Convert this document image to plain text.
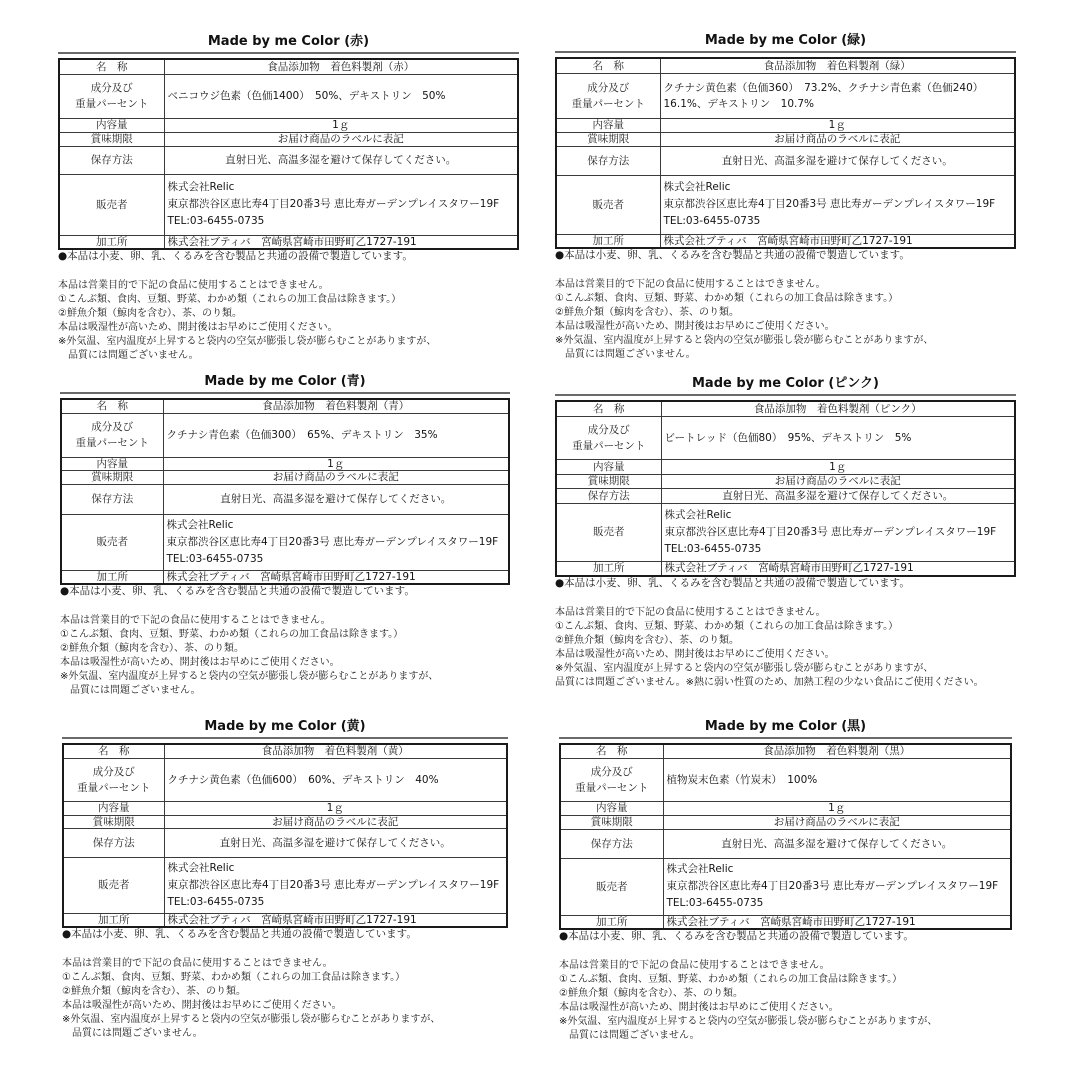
Made by me Color (赤)
名　称	食品添加物　着色料製剤（赤）

成分及び
重量パーセント	ベニコウジ色素（色価1400）　50%、デキストリン　50%

内容量	1ｇ
賞味期限	お届け商品のラベルに表記
保存方法	直射日光、高温多湿を避けて保存してください。
販売者	株式会社Relic
東京都渋谷区恵比寿4丁目20番3号 恵比寿ガーデンプレイスタワー19F
TEL:03-6455-0735

加工所	株式会社ブティバ　宮崎県宮崎市田野町乙1727-191
●本品は小麦、卵、乳、くるみを含む製品と共通の設備で製造しています。
本品は営業目的で下記の食品に使用することはできません。
①こんぶ類、食肉、豆類、野菜、わかめ類（これらの加工食品は除きます。）
②鮮魚介類（鯨肉を含む）、茶、のり類。
本品は吸湿性が高いため、開封後はお早めにご使用ください。
※外気温、室内温度が上昇すると袋内の空気が膨張し袋が膨らむことがありますが、
　品質には問題ございません。
Made by me Color (緑)
名　称	食品添加物　着色料製剤（緑）

成分及び
重量パーセント	クチナシ黄色素（色価360）　73.2%、クチナシ青色素（色価240）
16.1%、デキストリン　10.7%

内容量	1ｇ
賞味期限	お届け商品のラベルに表記
保存方法	直射日光、高温多湿を避けて保存してください。
販売者	株式会社Relic
東京都渋谷区恵比寿4丁目20番3号 恵比寿ガーデンプレイスタワー19F
TEL:03-6455-0735

加工所	株式会社ブティバ　宮崎県宮崎市田野町乙1727-191
●本品は小麦、卵、乳、くるみを含む製品と共通の設備で製造しています。
本品は営業目的で下記の食品に使用することはできません。
①こんぶ類、食肉、豆類、野菜、わかめ類（これらの加工食品は除きます。）
②鮮魚介類（鯨肉を含む）、茶、のり類。
本品は吸湿性が高いため、開封後はお早めにご使用ください。
※外気温、室内温度が上昇すると袋内の空気が膨張し袋が膨らむことがありますが、
　品質には問題ございません。
Made by me Color (青)
名　称	食品添加物　着色料製剤（青）

成分及び
重量パーセント	クチナシ青色素（色価300）　65%、デキストリン　35%

内容量	1ｇ
賞味期限	お届け商品のラベルに表記
保存方法	直射日光、高温多湿を避けて保存してください。
販売者	株式会社Relic
東京都渋谷区恵比寿4丁目20番3号 恵比寿ガーデンプレイスタワー19F
TEL:03-6455-0735

加工所	株式会社ブティバ　宮崎県宮崎市田野町乙1727-191
●本品は小麦、卵、乳、くるみを含む製品と共通の設備で製造しています。
本品は営業目的で下記の食品に使用することはできません。
①こんぶ類、食肉、豆類、野菜、わかめ類（これらの加工食品は除きます。）
②鮮魚介類（鯨肉を含む）、茶、のり類。
本品は吸湿性が高いため、開封後はお早めにご使用ください。
※外気温、室内温度が上昇すると袋内の空気が膨張し袋が膨らむことがありますが、
　品質には問題ございません。
Made by me Color (ピンク)
名　称	食品添加物　着色料製剤（ピンク）

成分及び
重量パーセント	ビートレッド（色価80）　95%、デキストリン　5%

内容量	1ｇ
賞味期限	お届け商品のラベルに表記
保存方法	直射日光、高温多湿を避けて保存してください。
販売者	株式会社Relic
東京都渋谷区恵比寿4丁目20番3号 恵比寿ガーデンプレイスタワー19F
TEL:03-6455-0735

加工所	株式会社ブティバ　宮崎県宮崎市田野町乙1727-191
●本品は小麦、卵、乳、くるみを含む製品と共通の設備で製造しています。
本品は営業目的で下記の食品に使用することはできません。
①こんぶ類、食肉、豆類、野菜、わかめ類（これらの加工食品は除きます。）
②鮮魚介類（鯨肉を含む）、茶、のり類。
本品は吸湿性が高いため、開封後はお早めにご使用ください。
※外気温、室内温度が上昇すると袋内の空気が膨張し袋が膨らむことがありますが、
品質には問題ございません。※熱に弱い性質のため、加熱工程の少ない食品にご使用ください。
Made by me Color (黄)
名　称	食品添加物　着色料製剤（黄）

成分及び
重量パーセント	クチナシ黄色素（色価600）　60%、デキストリン　40%

内容量	1ｇ
賞味期限	お届け商品のラベルに表記
保存方法	直射日光、高温多湿を避けて保存してください。
販売者	株式会社Relic
東京都渋谷区恵比寿4丁目20番3号 恵比寿ガーデンプレイスタワー19F
TEL:03-6455-0735

加工所	株式会社ブティバ　宮崎県宮崎市田野町乙1727-191
●本品は小麦、卵、乳、くるみを含む製品と共通の設備で製造しています。
本品は営業目的で下記の食品に使用することはできません。
①こんぶ類、食肉、豆類、野菜、わかめ類（これらの加工食品は除きます。）
②鮮魚介類（鯨肉を含む）、茶、のり類。
本品は吸湿性が高いため、開封後はお早めにご使用ください。
※外気温、室内温度が上昇すると袋内の空気が膨張し袋が膨らむことがありますが、
　品質には問題ございません。
Made by me Color (黒)
名　称	食品添加物　着色料製剤（黒）

成分及び
重量パーセント	植物炭末色素（竹炭末）　100%

内容量	1ｇ
賞味期限	お届け商品のラベルに表記
保存方法	直射日光、高温多湿を避けて保存してください。
販売者	株式会社Relic
東京都渋谷区恵比寿4丁目20番3号 恵比寿ガーデンプレイスタワー19F
TEL:03-6455-0735

加工所	株式会社ブティバ　宮崎県宮崎市田野町乙1727-191
●本品は小麦、卵、乳、くるみを含む製品と共通の設備で製造しています。
本品は営業目的で下記の食品に使用することはできません。
①こんぶ類、食肉、豆類、野菜、わかめ類（これらの加工食品は除きます。）
②鮮魚介類（鯨肉を含む）、茶、のり類。
本品は吸湿性が高いため、開封後はお早めにご使用ください。
※外気温、室内温度が上昇すると袋内の空気が膨張し袋が膨らむことがありますが、
　品質には問題ございません。
